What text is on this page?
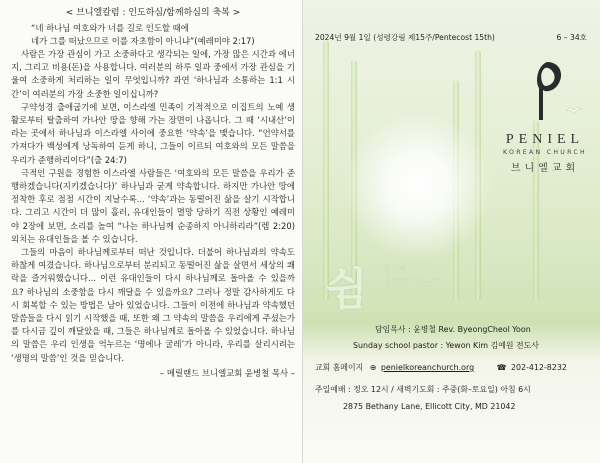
< 브니엘칼럼 : 인도하심/함께하심의 축복 >
“네 하나님 여호와가 너를 길로 인도할 때에
네가 그를 떠났으므로 이를 자초함이 아니냐”(예레미야 2:17)

사람은 가장 관심이 가고 소중하다고 생각되는 일에, 가장 많은 시간과 에너지, 그리고 비용(돈)을 사용합니다. 여러분의 하루 일과 중에서 가장 관심을 기울여 소중하게 처리하는 일이 무엇입니까? 과연 ‘하나님과 소통하는 1:1 시간’이 여러분의 가장 소중한 일이십니까?

구약성경 출애굽기에 보면, 이스라엘 민족이 기적적으로 이집트의 노예 생활로부터 탈출하여 가나안 땅을 향해 가는 장면이 나옵니다. 그 때 ‘시내산’이라는 곳에서 하나님과 이스라엘 사이에 중요한 ‘약속’을 맺습니다. “언약서를 가져다가 백성에게 낭독하여 듣게 하니, 그들이 이르되 여호와의 모든 말씀을 우리가 준행하리이다”(출 24:7)

극적인 구원을 경험한 이스라엘 사람들은 ‘여호와의 모든 말씀을 우리가 준행하겠습니다(지키겠습니다)’ 하나님과 굳게 약속합니다. 하지만 가나안 땅에 정착한 후로 점점 시간이 지날수록... ‘약속’과는 동떨어진 삶을 살기 시작합니다. 그리고 시간이 더 많이 흘러, 유대인들이 멸망 당하기 직전 상황인 예레미야 2장에 보면, 소리를 높여 “나는 하나님께 순종하지 아니하리라”(렘 2:20) 외치는 유대인들을 볼 수 있습니다.

그들의 마음이 하나님께로부터 떠난 것입니다. 더불어 하나님과의 약속도 하찮게 여겼습니다. 하나님으로부터 분리되고 동떨어진 삶을 살면서 세상의 쾌락을 즐거워했습니다... 이런 유대인들이 다시 하나님께로 돌아올 수 있을까요? 하나님의 소중함을 다시 깨달을 수 있을까요? 그러나 정말 감사하게도 다시 회복할 수 있는 방법은 남아 있었습니다. 그들이 이전에 하나님과 약속했던 말씀들을 다시 읽기 시작했을 때, 또한 왜 그 약속의 말씀을 우리에게 주셨는가를 다시금 깊이 깨달았을 때, 그들은 하나님께로 돌아올 수 있었습니다. 하나님의 말씀은 우리 인생을 억누르는 ‘명에나 굴레’가 아니라, 우리를 살리시려는 ‘생명의 말씀’인 것을 믿습니다.

– 메릴랜드 브니엘교회 윤병철 목사 –
2024년 9월 1일 (성령강림 제15주/Pentecost 15th)	6 – 34호
PENIEL
KOREAN CHURCH
브니엘교회
쉼 평안을
너희에게 주노라
담임목사 : 윤병철 Rev. ByeongCheol Yoon
Sunday school pastor : Yewon Kim 김예원 전도사
교회 홈페이지 ⊕ penielkoreanchurch.org	☎ 202-412-8232
주일예배 : 정오 12시 / 새벽기도회 : 주중(화–토요일) 아침 6시
2875 Bethany Lane, Ellicott City, MD 21042
